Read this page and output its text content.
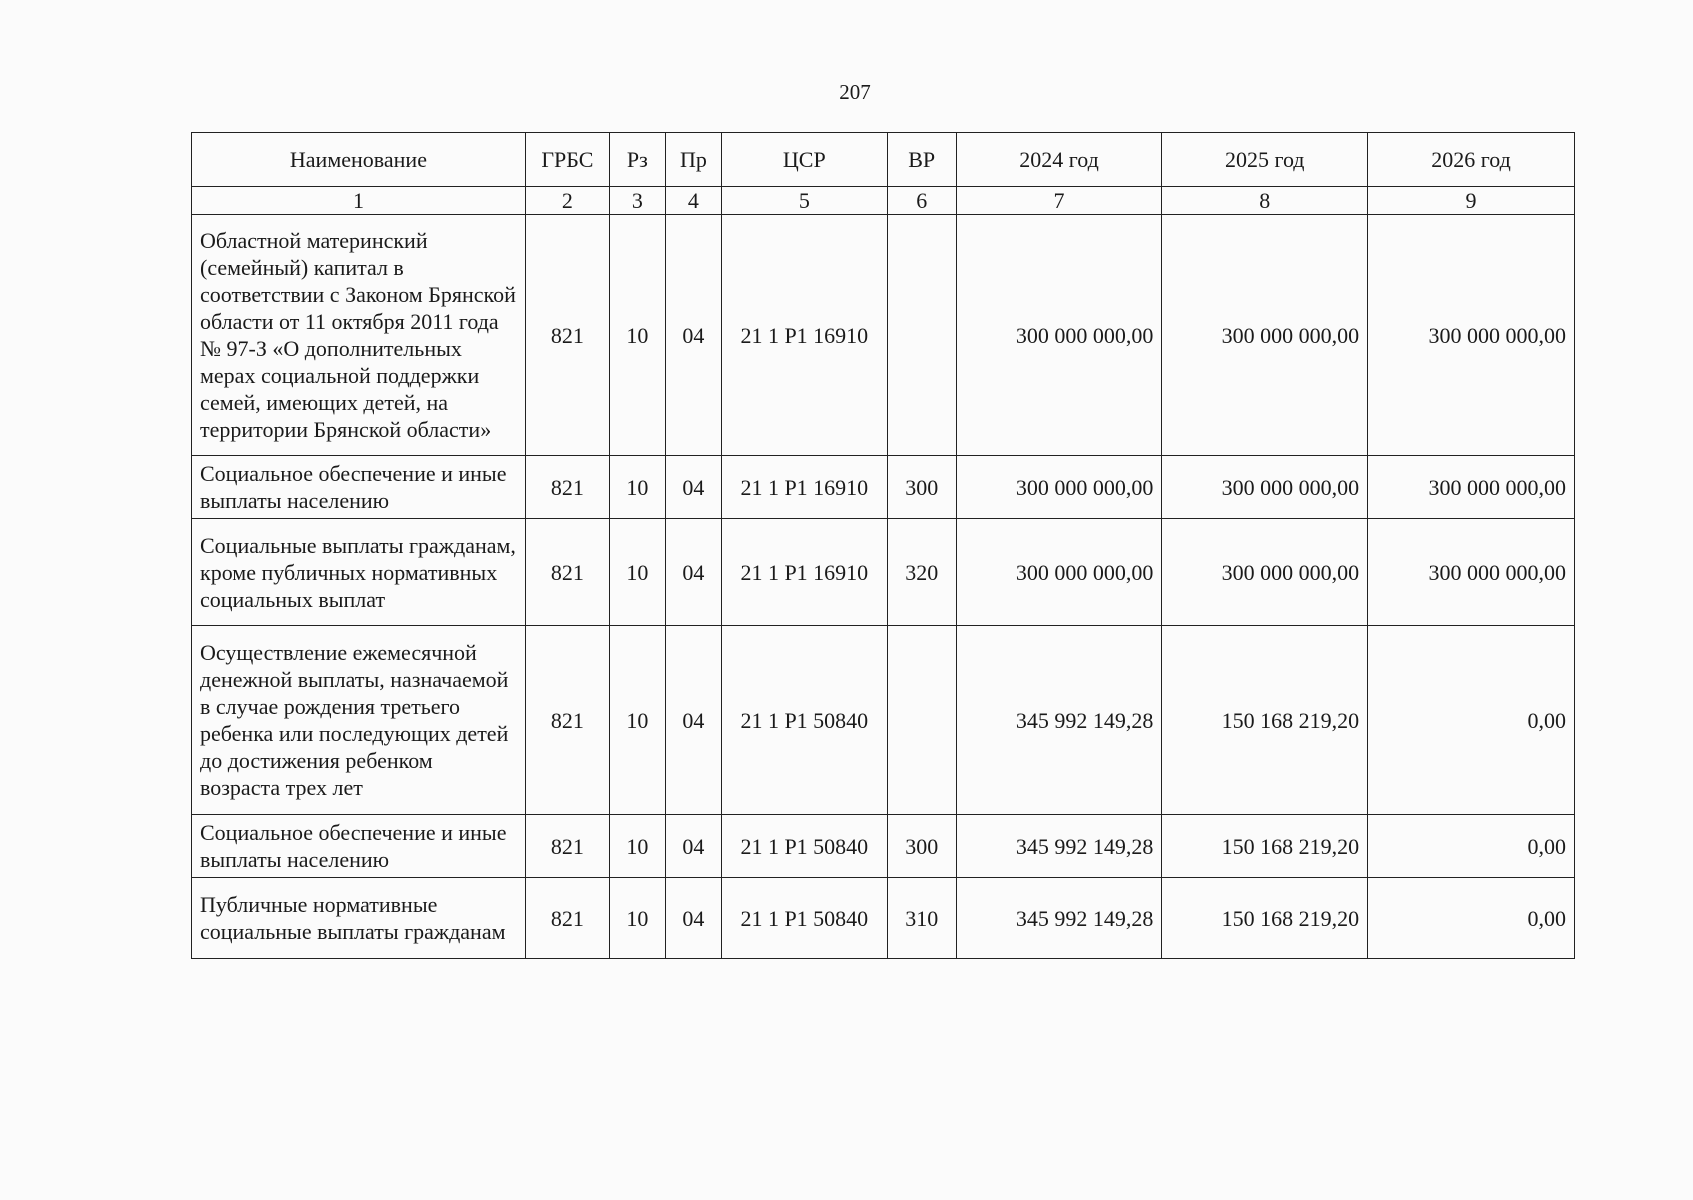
207
Наименование	ГРБС	Рз	Пр	ЦСР	ВР	2024 год	2025 год	2026 год
1	2	3	4	5	6	7	8	9
Областной материнский (семейный) капитал в соответствии с Законом Брянской области от 11 октября 2011 года № 97-З «О дополнительных мерах социальной поддержки семей, имеющих детей, на территории Брянской области»	821	10	04	21 1 P1 16910		300 000 000,00	300 000 000,00	300 000 000,00
Социальное обеспечение и иные выплаты населению	821	10	04	21 1 P1 16910	300	300 000 000,00	300 000 000,00	300 000 000,00
Социальные выплаты гражданам, кроме публичных нормативных социальных выплат	821	10	04	21 1 P1 16910	320	300 000 000,00	300 000 000,00	300 000 000,00
Осуществление ежемесячной денежной выплаты, назначаемой в случае рождения третьего ребенка или последующих детей до достижения ребенком возраста трех лет	821	10	04	21 1 P1 50840		345 992 149,28	150 168 219,20	0,00
Социальное обеспечение и иные выплаты населению	821	10	04	21 1 P1 50840	300	345 992 149,28	150 168 219,20	0,00
Публичные нормативные социальные выплаты гражданам	821	10	04	21 1 P1 50840	310	345 992 149,28	150 168 219,20	0,00
